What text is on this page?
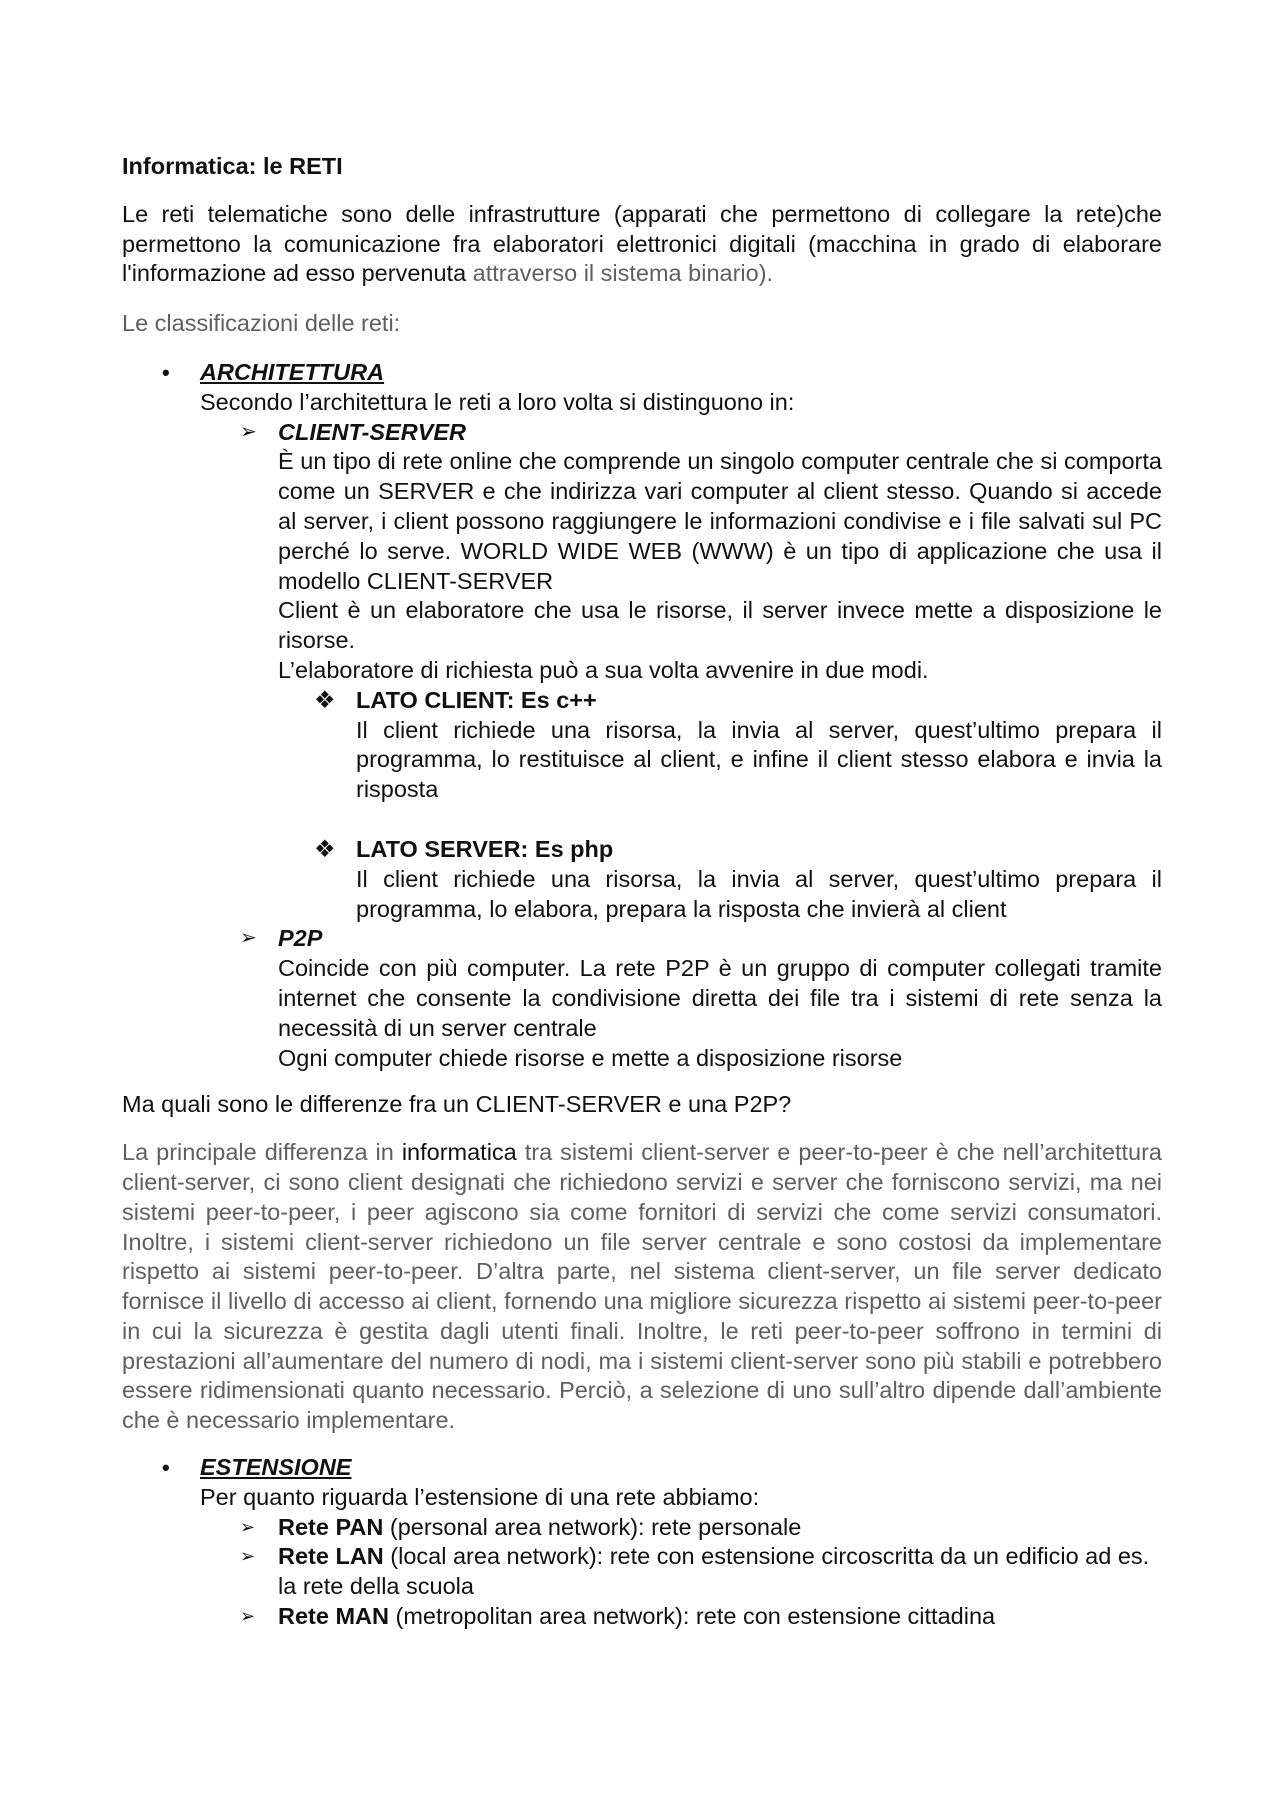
Informatica: le RETI

Le reti telematiche sono delle infrastrutture (apparati che permettono di collegare la rete)che permettono la comunicazione fra elaboratori elettronici digitali (macchina in grado di elaborare l'informazione ad esso pervenuta attraverso il sistema binario).

Le classificazioni delle reti:

• ARCHITETTURA

Secondo l’architettura le reti a loro volta si distinguono in:

➢ CLIENT-SERVER

È un tipo di rete online che comprende un singolo computer centrale che si comporta come un SERVER e che indirizza vari computer al client stesso. Quando si accede al server, i client possono raggiungere le informazioni condivise e i file salvati sul PC perché lo serve. WORLD WIDE WEB (WWW) è un tipo di applicazione che usa il modello CLIENT-SERVER

Client è un elaboratore che usa le risorse, il server invece mette a disposizione le risorse.

L’elaboratore di richiesta può a sua volta avvenire in due modi.

❖ LATO CLIENT: Es c++

Il client richiede una risorsa, la invia al server, quest’ultimo prepara il programma, lo restituisce al client, e infine il client stesso elabora e invia la risposta

❖ LATO SERVER: Es php

Il client richiede una risorsa, la invia al server, quest’ultimo prepara il programma, lo elabora, prepara la risposta che invierà al client

➢ P2P

Coincide con più computer. La rete P2P è un gruppo di computer collegati tramite internet che consente la condivisione diretta dei file tra i sistemi di rete senza la necessità di un server centrale

Ogni computer chiede risorse e mette a disposizione risorse

Ma quali sono le differenze fra un CLIENT-SERVER e una P2P?

La principale differenza in informatica tra sistemi client-server e peer-to-peer è che nell’architettura client-server, ci sono client designati che richiedono servizi e server che forniscono servizi, ma nei sistemi peer-to-peer, i peer agiscono sia come fornitori di servizi che come servizi consumatori. Inoltre, i sistemi client-server richiedono un file server centrale e sono costosi da implementare rispetto ai sistemi peer-to-peer. D’altra parte, nel sistema client-server, un file server dedicato fornisce il livello di accesso ai client, fornendo una migliore sicurezza rispetto ai sistemi peer-to-peer in cui la sicurezza è gestita dagli utenti finali. Inoltre, le reti peer-to-peer soffrono in termini di prestazioni all’aumentare del numero di nodi, ma i sistemi client-server sono più stabili e potrebbero essere ridimensionati quanto necessario. Perciò, a selezione di uno sull’altro dipende dall’ambiente che è necessario implementare.

• ESTENSIONE

Per quanto riguarda l’estensione di una rete abbiamo:

➢ Rete PAN (personal area network): rete personale

➢ Rete LAN (local area network): rete con estensione circoscritta da un edificio ad es. la rete della scuola

➢ Rete MAN (metropolitan area network): rete con estensione cittadina
